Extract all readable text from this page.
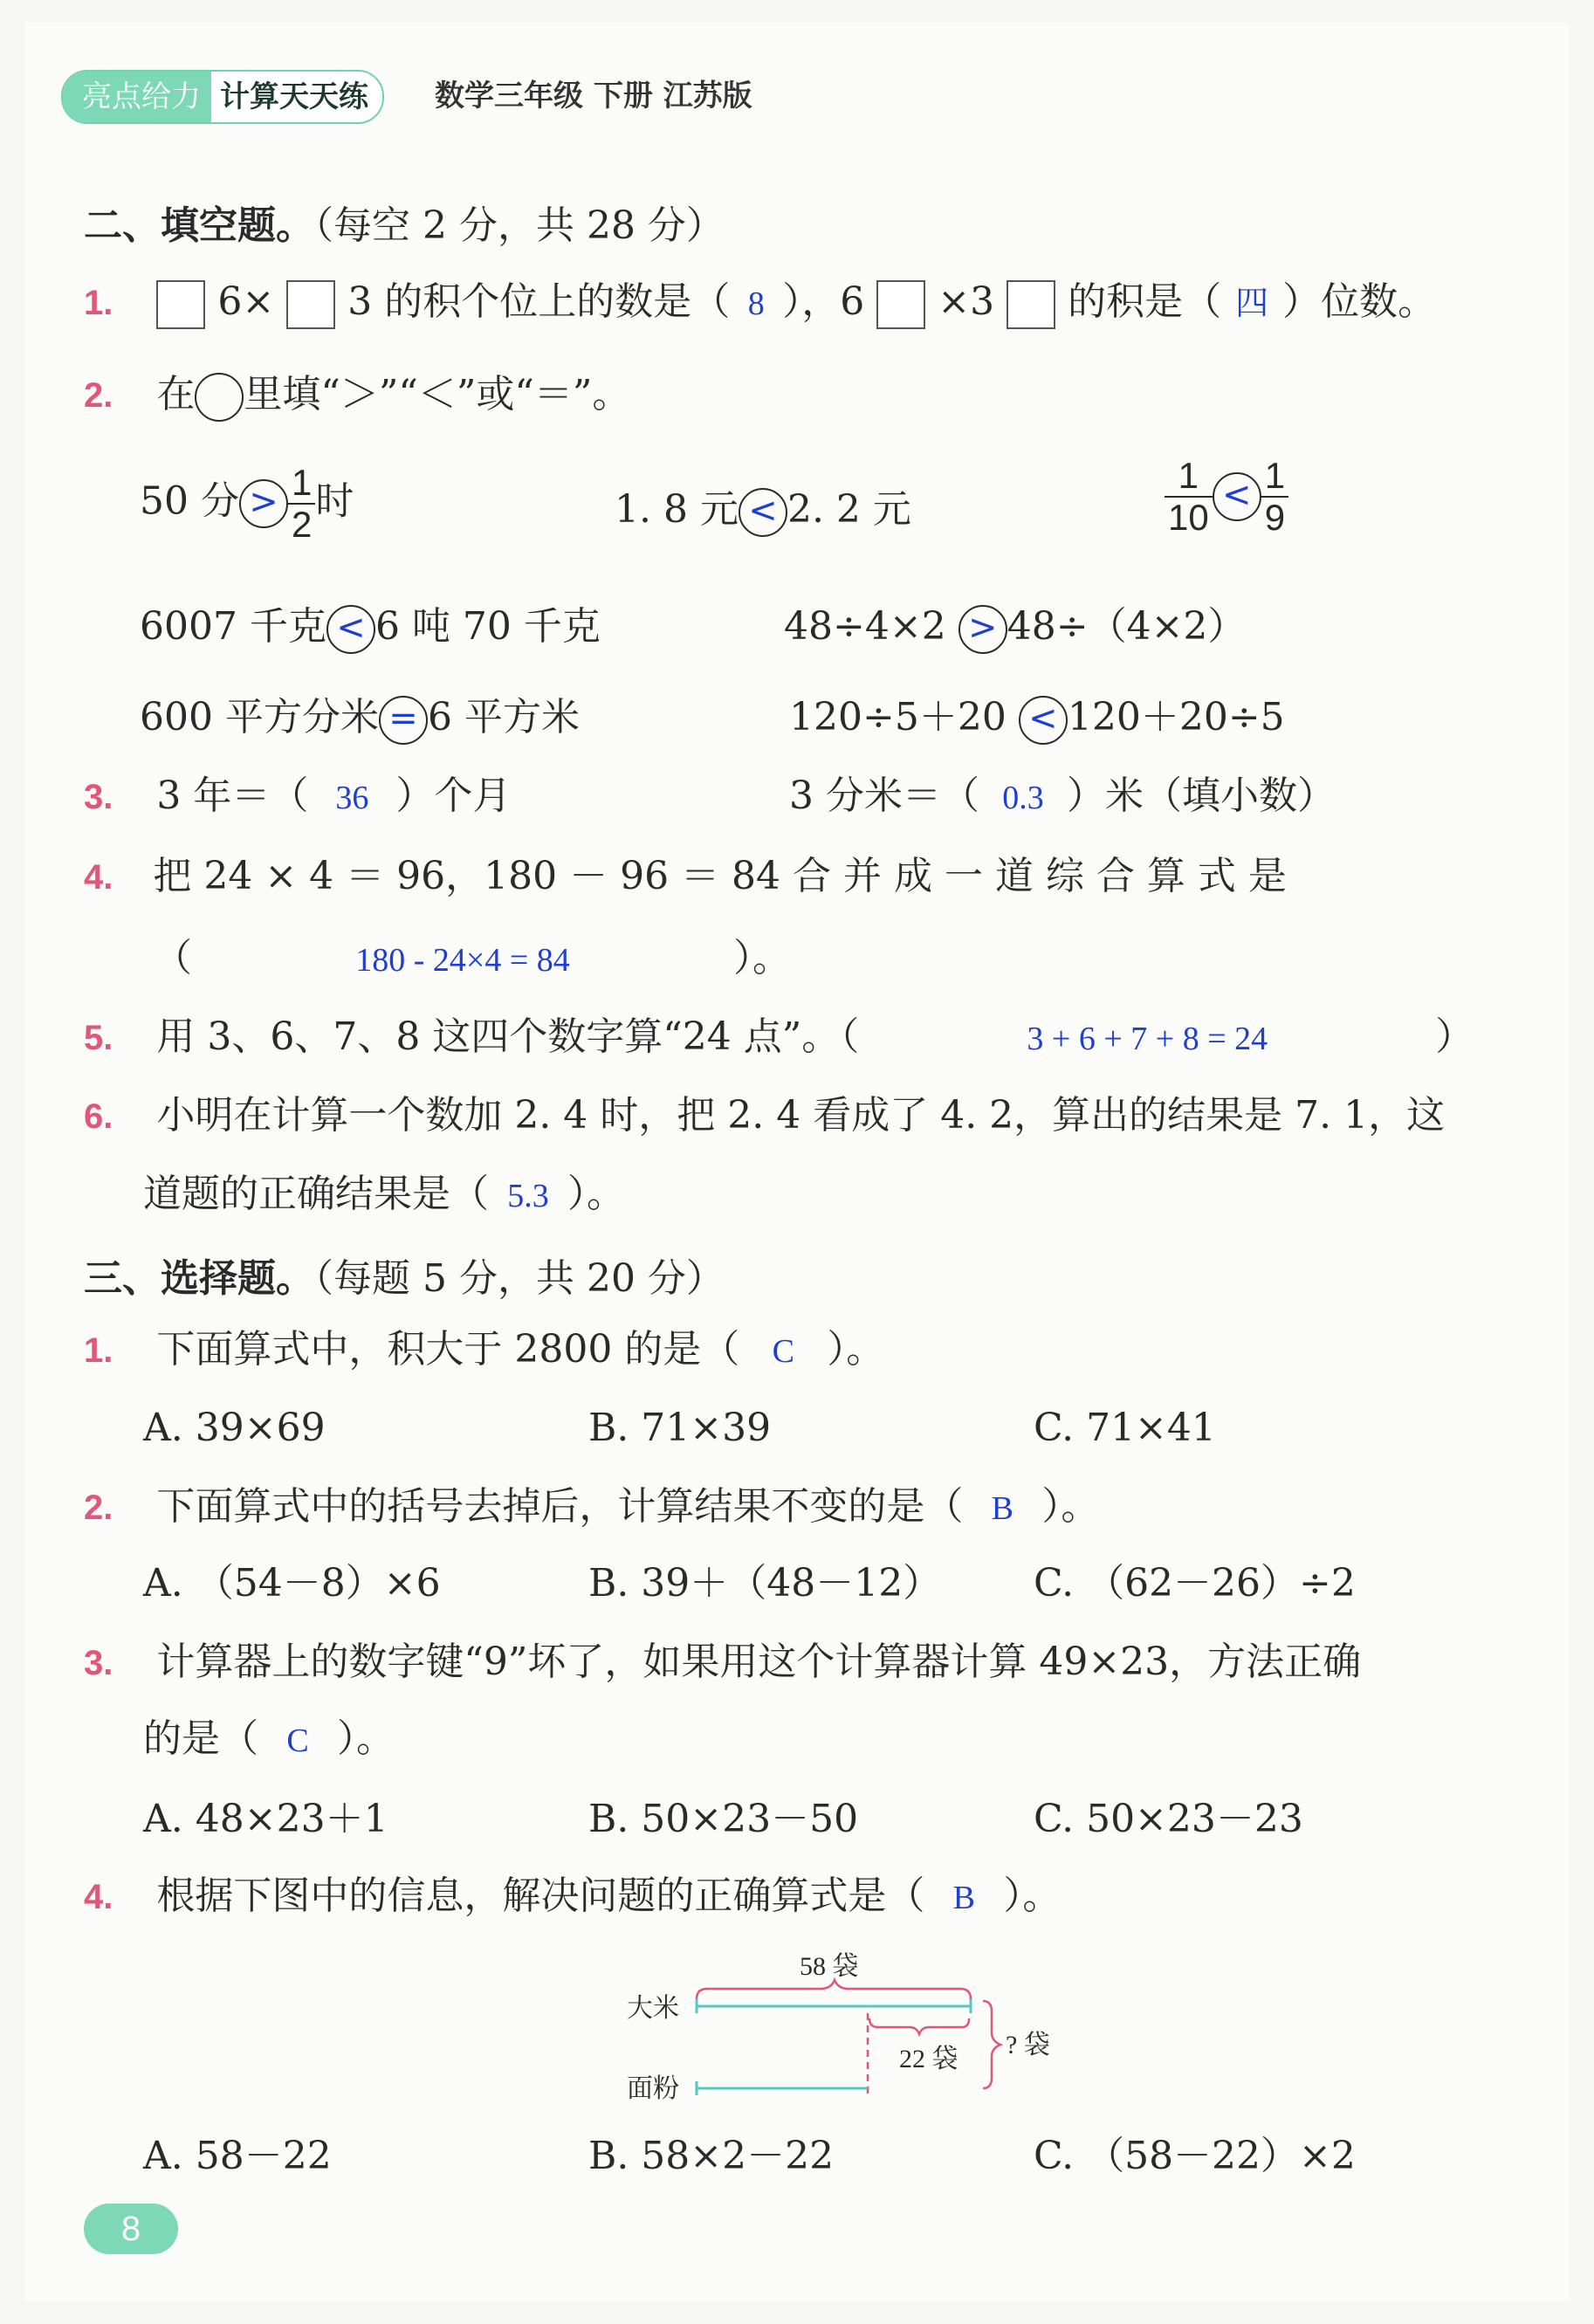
亮点给力 计算天天练	数学三年级 下册 江苏版
二、填空题。（每空 2 分，共 28 分）
1.	6× 3 的积个位上的数是（ 8 ），6 ×3 的积是（ 四 ）位数。
2. 在 里填“＞”“＜”或“＝”。
50 分 > $\frac{1}{2}$ 时	1. 8 元 < 2. 2 元	$\frac{1}{10} < \frac{1}{9}$
6007 千克 < 6 吨 70 千克	48÷4×2 > 48÷（4×2）
600 平方分米 = 6 平方米	120÷5＋20 < 120＋20÷5
3. 3 年＝（ 36 ）个月	3 分米＝（ 0.3 ）米（填小数）
4. 把 24 × 4 ＝ 96，180 － 96 ＝ 84 合 并 成 一 道 综 合 算 式 是
（	180 - 24×4 = 84	）。
5. 用 3、6、7、8 这四个数字算“24 点”。（	3 + 6 + 7 + 8 = 24	）
6. 小明在计算一个数加 2. 4 时，把 2. 4 看成了 4. 2，算出的结果是 7. 1，这
道题的正确结果是（ 5.3 ）。
三、选择题。（每题 5 分，共 20 分）
1. 下面算式中，积大于 2800 的是（ C ）。
A. 39×69	B. 71×39	C. 71×41
2. 下面算式中的括号去掉后，计算结果不变的是（ B ）。
A. （54－8）×6	B. 39＋（48－12） C. （62－26）÷2
3. 计算器上的数字键“9”坏了，如果用这个计算器计算 49×23，方法正确
的是（ C ）。
A. 48×23＋1	B. 50×23－50	C. 50×23－23
4. 根据下图中的信息，解决问题的正确算式是（ B ）。
58 袋
大米
22 袋
面粉
? 袋
A. 58－22	B. 58×2－22	C. （58－22）×2
8
